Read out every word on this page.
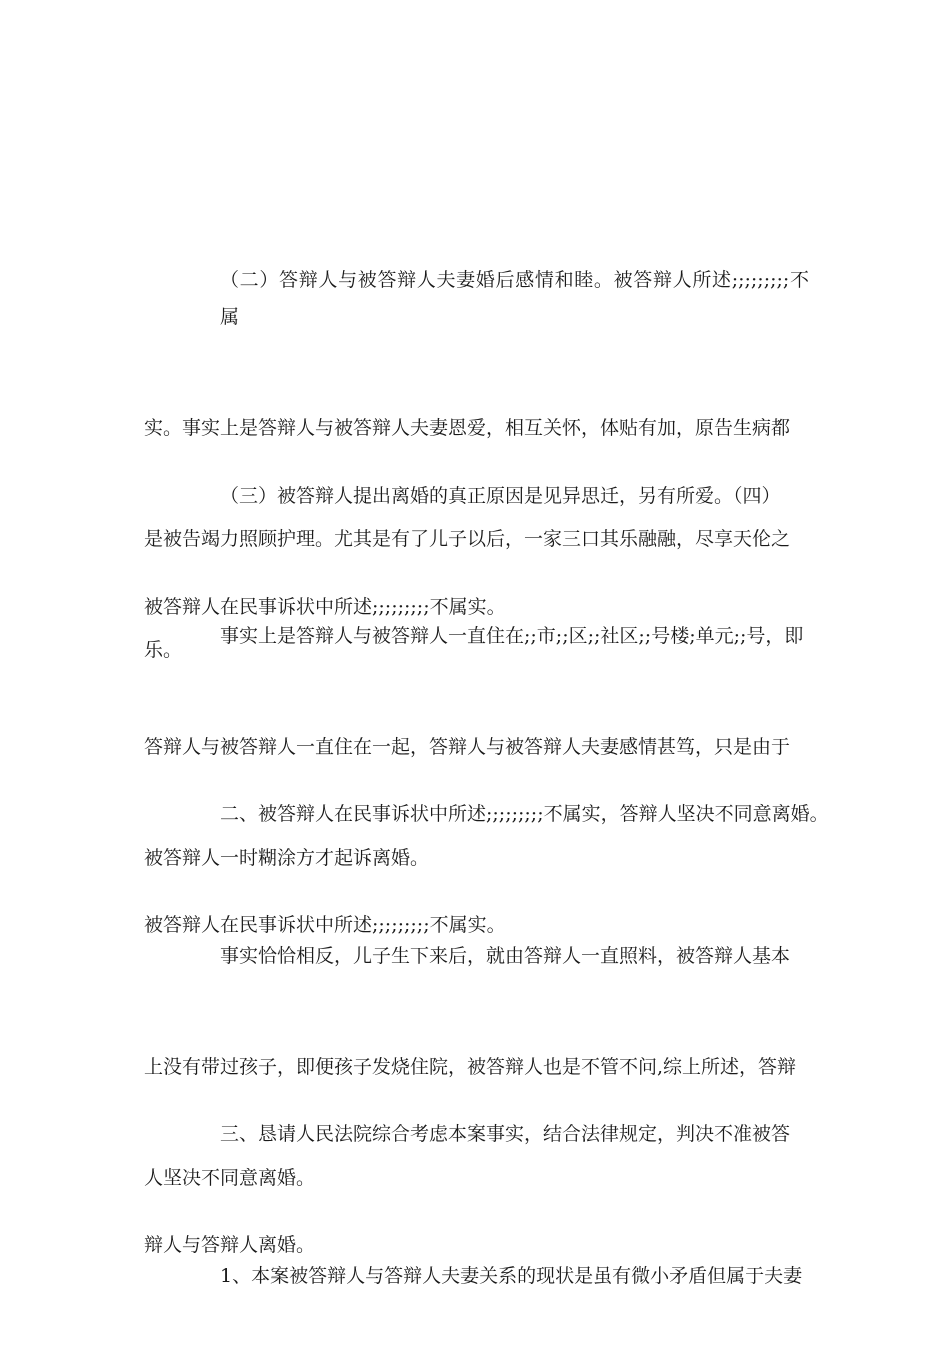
（二）答辩人与被答辩人夫妻婚后感情和睦。被答辩人所述;;;;;;;;;不属

实。事实上是答辩人与被答辩人夫妻恩爱，相互关怀，体贴有加，原告生病都

是被告竭力照顾护理。尤其是有了儿子以后，一家三口其乐融融，尽享天伦之

乐。

（三）被答辩人提出离婚的真正原因是见异思迁，另有所爱。（四）

被答辩人在民事诉状中所述;;;;;;;;;不属实。

事实上是答辩人与被答辩人一直住在;;市;;区;;社区;;号楼;单元;;号，即

答辩人与被答辩人一直住在一起，答辩人与被答辩人夫妻感情甚笃，只是由于

被答辩人一时糊涂方才起诉离婚。

二、被答辩人在民事诉状中所述;;;;;;;;;不属实，答辩人坚决不同意离婚。

被答辩人在民事诉状中所述;;;;;;;;;不属实。

事实恰恰相反，儿子生下来后，就由答辩人一直照料，被答辩人基本

上没有带过孩子，即便孩子发烧住院，被答辩人也是不管不问,综上所述，答辩

人坚决不同意离婚。

三、恳请人民法院综合考虑本案事实，结合法律规定，判决不准被答

辩人与答辩人离婚。

1、本案被答辩人与答辩人夫妻关系的现状是虽有微小矛盾但属于夫妻
